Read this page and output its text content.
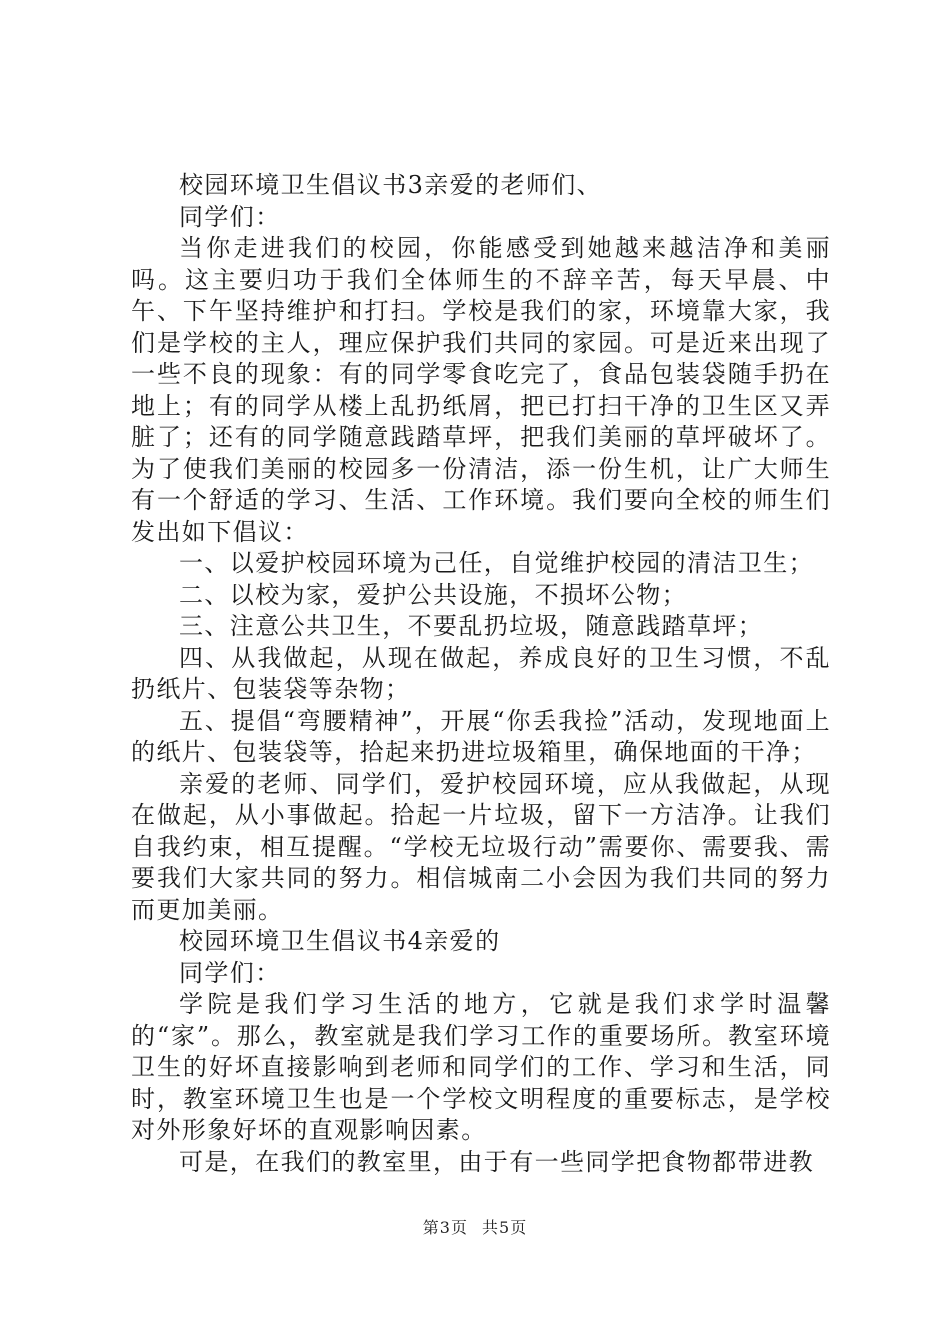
校园环境卫生倡议书3亲爱的老师们、

同学们：

当你走进我们的校园，你能感受到她越来越洁净和美丽吗。这主要归功于我们全体师生的不辞辛苦，每天早晨、中午、下午坚持维护和打扫。学校是我们的家，环境靠大家，我们是学校的主人，理应保护我们共同的家园。可是近来出现了一些不良的现象：有的同学零食吃完了，食品包装袋随手扔在地上；有的同学从楼上乱扔纸屑，把已打扫干净的卫生区又弄脏了；还有的同学随意践踏草坪，把我们美丽的草坪破坏了。为了使我们美丽的校园多一份清洁，添一份生机，让广大师生有一个舒适的学习、生活、工作环境。我们要向全校的师生们发出如下倡议：

一、以爱护校园环境为己任，自觉维护校园的清洁卫生；

二、以校为家，爱护公共设施，不损坏公物；

三、注意公共卫生，不要乱扔垃圾，随意践踏草坪；

四、从我做起，从现在做起，养成良好的卫生习惯，不乱扔纸片、包装袋等杂物；

五、提倡“弯腰精神”，开展“你丢我捡”活动，发现地面上的纸片、包装袋等，拾起来扔进垃圾箱里，确保地面的干净；

亲爱的老师、同学们，爱护校园环境，应从我做起，从现在做起，从小事做起。拾起一片垃圾，留下一方洁净。让我们自我约束，相互提醒。“学校无垃圾行动”需要你、需要我、需要我们大家共同的努力。相信城南二小会因为我们共同的努力而更加美丽。

校园环境卫生倡议书4亲爱的

同学们：

学院是我们学习生活的地方，它就是我们求学时温馨的“家”。那么，教室就是我们学习工作的重要场所。教室环境卫生的好坏直接影响到老师和同学们的工作、学习和生活，同时，教室环境卫生也是一个学校文明程度的重要标志，是学校对外形象好坏的直观影响因素。

可是，在我们的教室里，由于有一些同学把食物都带进教

第3页 共5页
